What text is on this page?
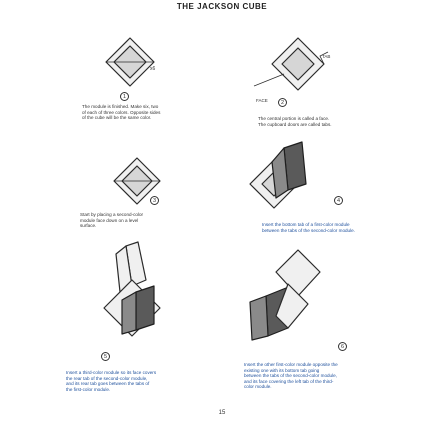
THE JACKSON CUBE
x6
1
The module is finished. Make six, two
of each of three colors. Opposite sides
of the cube will be the same color.
TAB
FACE	2
The central portion is called a face.
The cupboard doors are called tabs.
3
Start by placing a second-color
module face down on a level
surface.
4
Insert the bottom tab of a first-color module
between the tabs of the second-color module.
5
Insert a third-color module so its face covers
the rear tab of the second-color module,
and its rear tab goes between the tabs of
the first-color module.
6
Insert the other first-color module opposite the
existing one with its bottom tab going
between the tabs of the second-color module,
and its face covering the left tab of the third-
color module.
15
